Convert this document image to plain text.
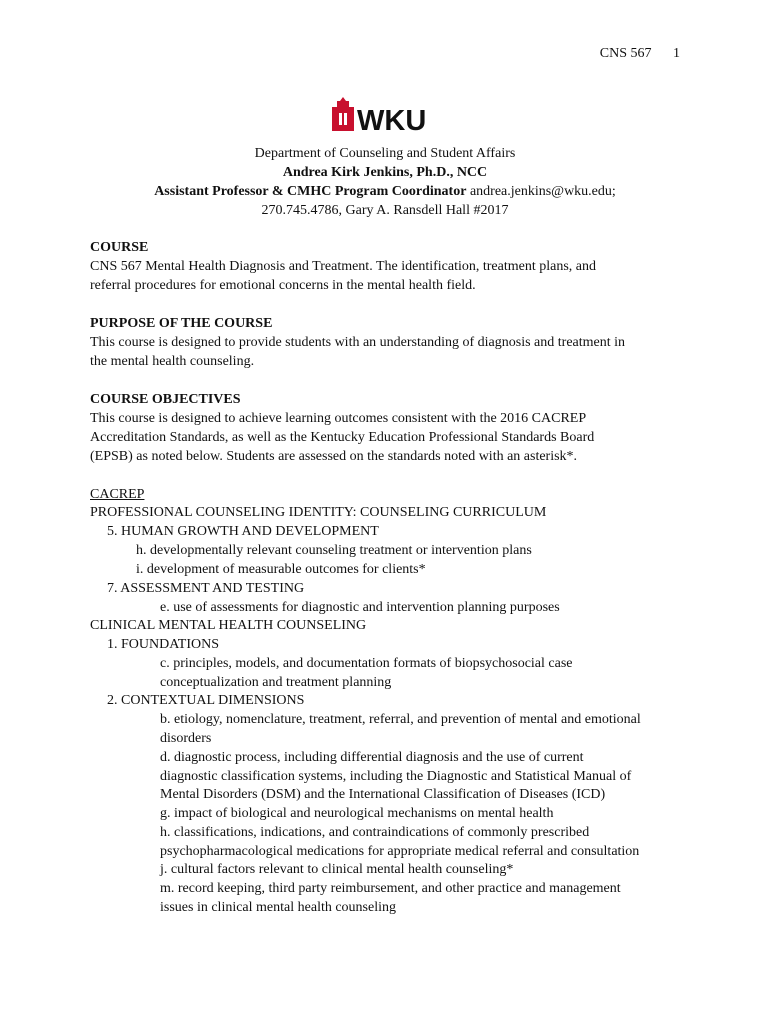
CNS 567 1
WKU
Department of Counseling and Student Affairs
Andrea Kirk Jenkins, Ph.D., NCC
Assistant Professor & CMHC Program Coordinator andrea.jenkins@wku.edu;
270.745.4786, Gary A. Ransdell Hall #2017
COURSE
CNS 567 Mental Health Diagnosis and Treatment. The identification, treatment plans, and
referral procedures for emotional concerns in the mental health field.
PURPOSE OF THE COURSE
This course is designed to provide students with an understanding of diagnosis and treatment in
the mental health counseling.
COURSE OBJECTIVES
This course is designed to achieve learning outcomes consistent with the 2016 CACREP
Accreditation Standards, as well as the Kentucky Education Professional Standards Board
(EPSB) as noted below. Students are assessed on the standards noted with an asterisk*.
CACREP
PROFESSIONAL COUNSELING IDENTITY: COUNSELING CURRICULUM
5. HUMAN GROWTH AND DEVELOPMENT
h. developmentally relevant counseling treatment or intervention plans
i. development of measurable outcomes for clients*
7. ASSESSMENT AND TESTING
e. use of assessments for diagnostic and intervention planning purposes
CLINICAL MENTAL HEALTH COUNSELING
1. FOUNDATIONS
c. principles, models, and documentation formats of biopsychosocial case
conceptualization and treatment planning
2. CONTEXTUAL DIMENSIONS
b. etiology, nomenclature, treatment, referral, and prevention of mental and emotional
disorders
d. diagnostic process, including differential diagnosis and the use of current
diagnostic classification systems, including the Diagnostic and Statistical Manual of
Mental Disorders (DSM) and the International Classification of Diseases (ICD)
g. impact of biological and neurological mechanisms on mental health
h. classifications, indications, and contraindications of commonly prescribed
psychopharmacological medications for appropriate medical referral and consultation
j. cultural factors relevant to clinical mental health counseling*
m. record keeping, third party reimbursement, and other practice and management
issues in clinical mental health counseling
